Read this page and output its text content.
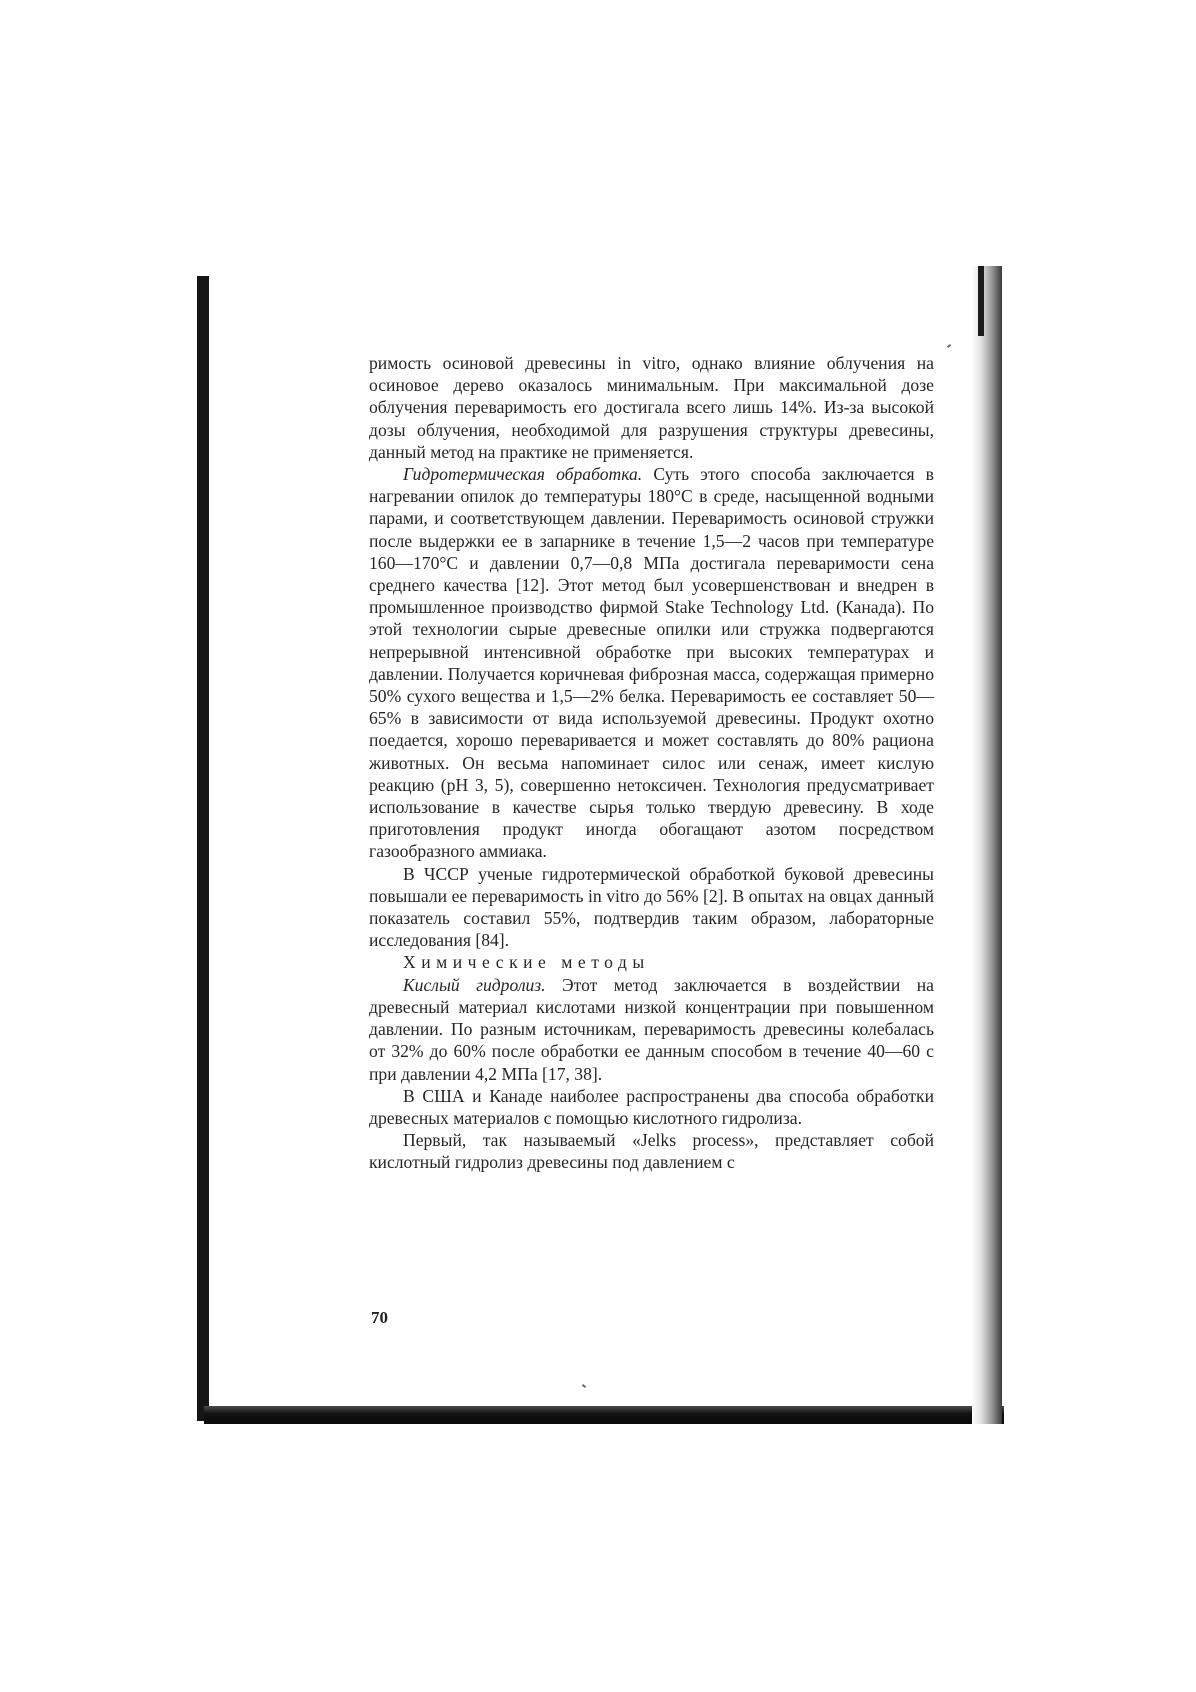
римость осиновой древесины in vitro, однако влияние облучения на осиновое дерево оказалось минимальным. При максимальной дозе облучения переваримость его достигала всего лишь 14%. Из-за высокой дозы облучения, необходимой для разрушения структуры древесины, данный метод на практике не применяется.

Гидротермическая обработка. Суть этого способа заключается в нагревании опилок до температуры 180°С в среде, насыщенной водными парами, и соответствующем давлении. Переваримость осиновой стружки после выдержки ее в запарнике в течение 1,5—2 часов при температуре 160—170°С и давлении 0,7—0,8 МПа достигала переваримости сена среднего качества [12]. Этот метод был усовершенствован и внедрен в промышленное производство фирмой Stake Technology Ltd. (Канада). По этой технологии сырые древесные опилки или стружка подвергаются непрерывной интенсивной обработке при высоких температурах и давлении. Получается коричневая фиброзная масса, содержащая примерно 50% сухого вещества и 1,5—2% белка. Переваримость ее составляет 50—65% в зависимости от вида используемой древесины. Продукт охотно поедается, хорошо переваривается и может составлять до 80% рациона животных. Он весьма напоминает силос или сенаж, имеет кислую реакцию (рН 3, 5), совершенно нетоксичен. Технология предусматривает использование в качестве сырья только твердую древесину. В ходе приготовления продукт иногда обогащают азотом посредством газообразного аммиака.

В ЧССР ученые гидротермической обработкой буковой древесины повышали ее переваримость in vitro до 56% [2]. В опытах на овцах данный показатель составил 55%, подтвердив таким образом, лабораторные исследования [84].

Химические методы

Кислый гидролиз. Этот метод заключается в воздействии на древесный материал кислотами низкой концентрации при повышенном давлении. По разным источникам, переваримость древесины колебалась от 32% до 60% после обработки ее данным способом в течение 40—60 с при давлении 4,2 МПа [17, 38].

В США и Канаде наиболее распространены два способа обработки древесных материалов с помощью кислотного гидролиза.

Первый, так называемый «Jelks process», представляет собой кислотный гидролиз древесины под давлением с

70
